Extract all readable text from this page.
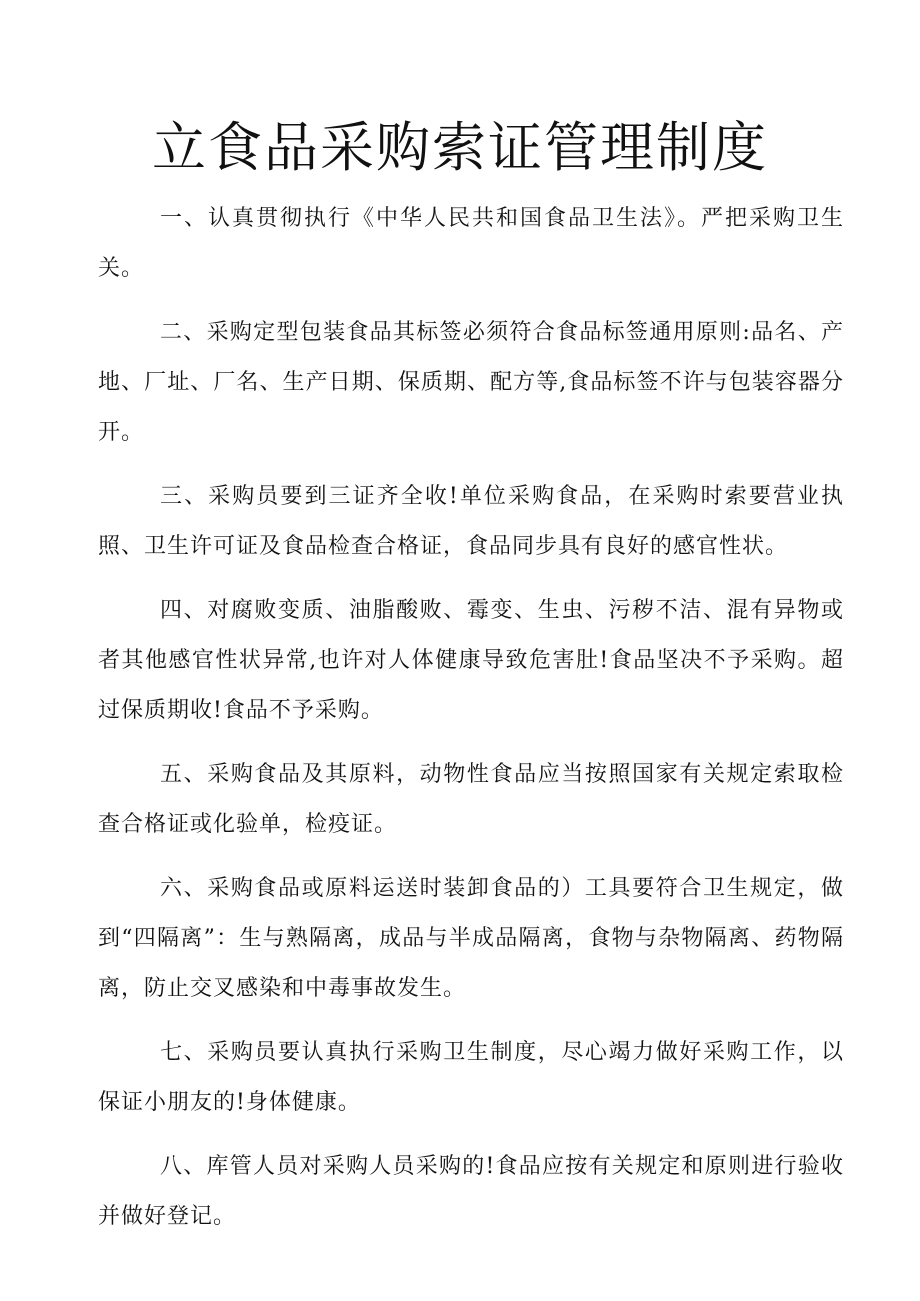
立食品采购索证管理制度

一、认真贯彻执行《中华人民共和国食品卫生法》。严把采购卫生关。

二、采购定型包装食品其标签必须符合食品标签通用原则:品名、产地、厂址、厂名、生产日期、保质期、配方等,食品标签不许与包装容器分开。

三、采购员要到三证齐全收!单位采购食品，在采购时索要营业执照、卫生许可证及食品检查合格证，食品同步具有良好的感官性状。

四、对腐败变质、油脂酸败、霉变、生虫、污秽不洁、混有异物或者其他感官性状异常,也许对人体健康导致危害肚!食品坚决不予采购。超过保质期收!食品不予采购。

五、采购食品及其原料，动物性食品应当按照国家有关规定索取检查合格证或化验单，检疫证。

六、采购食品或原料运送时装卸食品的）工具要符合卫生规定，做到“四隔离”：生与熟隔离，成品与半成品隔离，食物与杂物隔离、药物隔离，防止交叉感染和中毒事故发生。

七、采购员要认真执行采购卫生制度，尽心竭力做好采购工作，以保证小朋友的!身体健康。

八、库管人员对采购人员采购的!食品应按有关规定和原则进行验收并做好登记。
